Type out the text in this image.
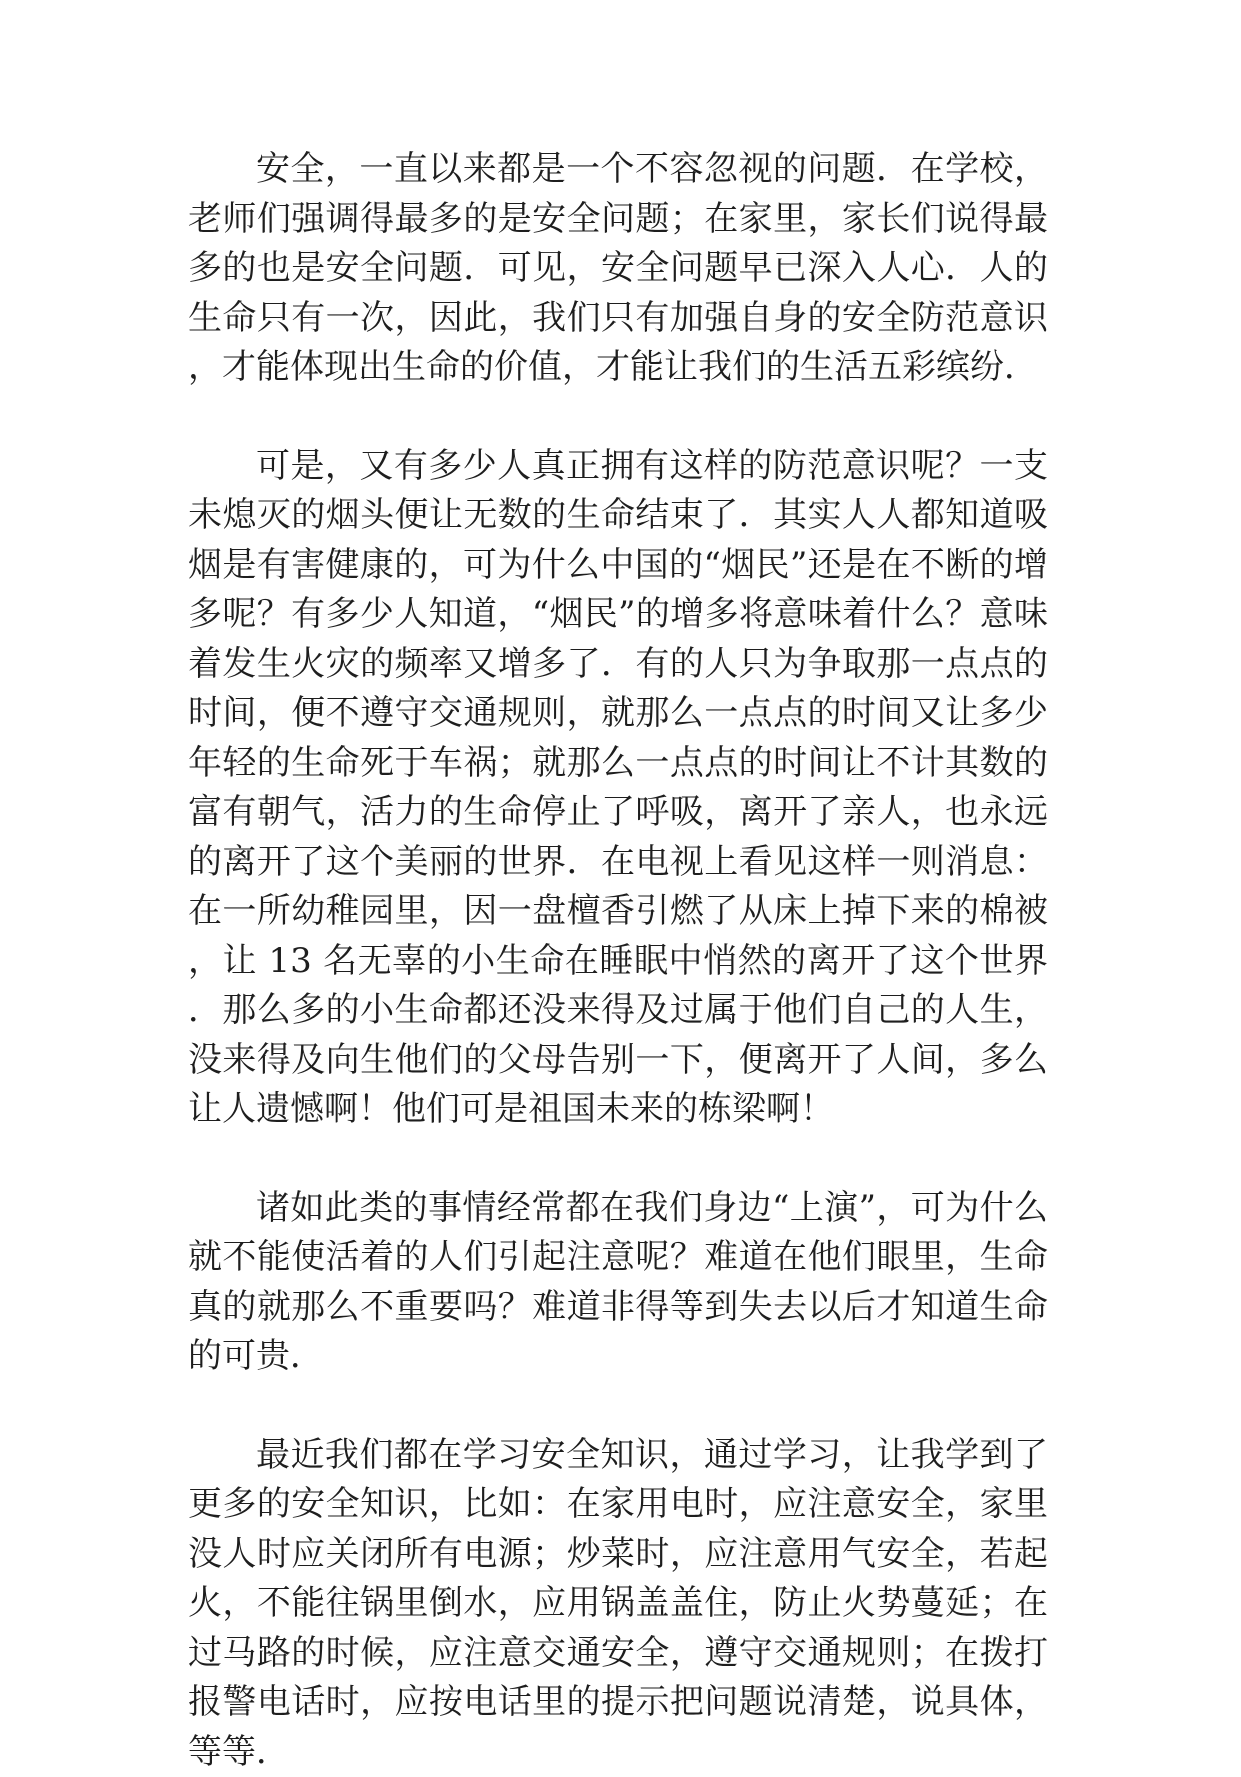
安全，一直以来都是一个不容忽视的问题．在学校，老师们强调得最多的是安全问题；在家里，家长们说得最多的也是安全问题．可见，安全问题早已深入人心．人的生命只有一次，因此，我们只有加强自身的安全防范意识，才能体现出生命的价值，才能让我们的生活五彩缤纷．

可是，又有多少人真正拥有这样的防范意识呢？一支未熄灭的烟头便让无数的生命结束了．其实人人都知道吸烟是有害健康的，可为什么中国的“烟民”还是在不断的增多呢？有多少人知道，“烟民”的增多将意味着什么？意味着发生火灾的频率又增多了．有的人只为争取那一点点的时间，便不遵守交通规则，就那么一点点的时间又让多少年轻的生命死于车祸；就那么一点点的时间让不计其数的富有朝气，活力的生命停止了呼吸，离开了亲人，也永远的离开了这个美丽的世界．在电视上看见这样一则消息：在一所幼稚园里，因一盘檀香引燃了从床上掉下来的棉被，让 13 名无辜的小生命在睡眠中悄然的离开了这个世界．那么多的小生命都还没来得及过属于他们自己的人生，没来得及向生他们的父母告别一下，便离开了人间，多么让人遗憾啊！他们可是祖国未来的栋梁啊！

诸如此类的事情经常都在我们身边“上演”，可为什么就不能使活着的人们引起注意呢？难道在他们眼里，生命真的就那么不重要吗？难道非得等到失去以后才知道生命的可贵．

最近我们都在学习安全知识，通过学习，让我学到了更多的安全知识，比如：在家用电时，应注意安全，家里没人时应关闭所有电源；炒菜时，应注意用气安全，若起火，不能往锅里倒水，应用锅盖盖住，防止火势蔓延；在过马路的时候，应注意交通安全，遵守交通规则；在拨打报警电话时，应按电话里的提示把问题说清楚，说具体，等等．
